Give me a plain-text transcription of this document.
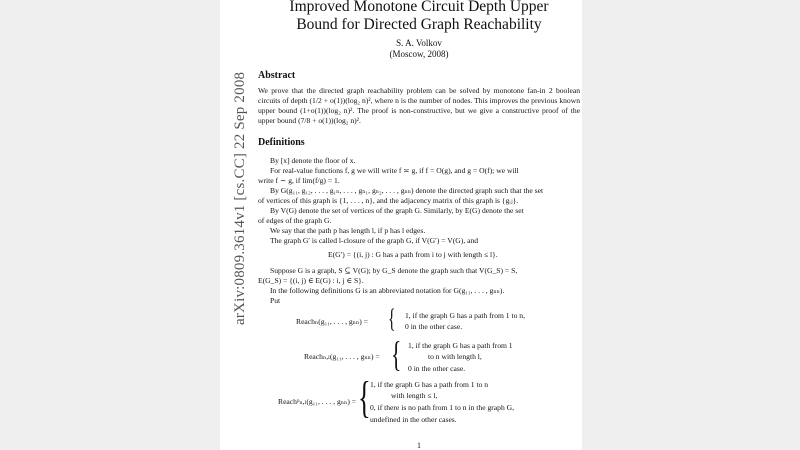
Improved Monotone Circuit Depth Upper
Bound for Directed Graph Reachability
S. A. Volkov
(Moscow, 2008)
Abstract
We prove that the directed graph reachability problem can be solved by monotone fan-in 2 boolean circuits of depth (1/2 + o(1))(log₂ n)², where n is the number of nodes. This improves the previous known upper bound (1+o(1))(log₂ n)². The proof is non-constructive, but we give a constructive proof of the upper bound (7/8 + o(1))(log₂ n)².
Definitions
By [x] denote the floor of x.
For real-value functions f, g we will write f ≍ g, if f = O(g), and g = O(f); we will
write f ∼ g, if lim(f/g) = 1.
By G(g₁₁, g₁₂, . . . , g₁ₙ, . . . , gₙ₁, gₙ₂, . . . , gₙₙ) denote the directed graph such that the set
of vertices of this graph is {1, . . . , n}, and the adjacency matrix of this graph is {gᵢⱼ}.
By V(G) denote the set of vertices of the graph G. Similarly, by E(G) denote the set
of edges of the graph G.
We say that the path p has length l, if p has l edges.
The graph G′ is called l-closure of the graph G, if V(G′) = V(G), and
E(G′) = {(i, j) : G has a path from i to j with length ≤ l}.
Suppose G is a graph, S ⊆ V(G); by G_S denote the graph such that V(G_S) = S,
E(G_S) = {(i, j) ∈ E(G) : i, j ∈ S}.
In the following definitions G is an abbreviated notation for G(g₁₁, . . . , gₙₙ).
Put
Reachₙ(g₁₁, . . . , gₙₙ) = { 1, if the graph G has a path from 1 to n,
0 in the other case.
Reachₙ,ₗ(g₁₁, . . . , gₙₙ) = { 1, if the graph G has a path from 1
to n with length l,
0 in the other case.
Reachᵖₙ,ₗ(g₁₁, . . . , gₙₙ) = { 1, if the graph G has a path from 1 to n
with length ≤ l,
0, if there is no path from 1 to n in the graph G,
undefined in the other cases.
1
arXiv:0809.3614v1 [cs.CC] 22 Sep 2008
